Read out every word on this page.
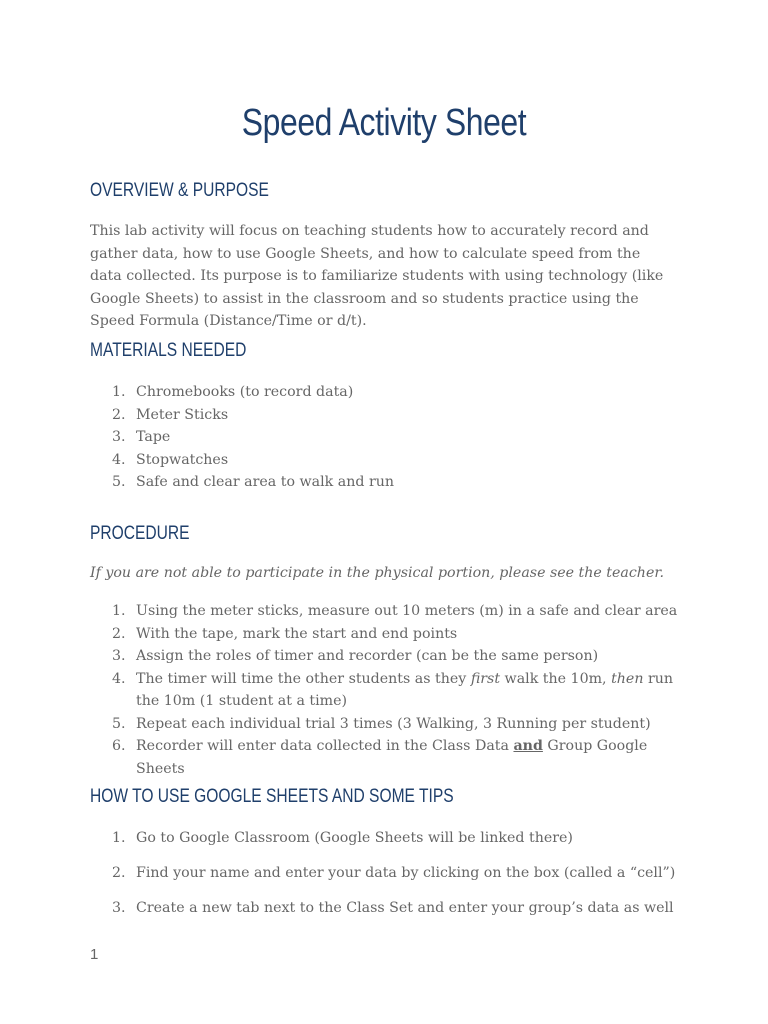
Speed Activity Sheet
OVERVIEW & PURPOSE

This lab activity will focus on teaching students how to accurately record and gather data, how to use Google Sheets, and how to calculate speed from the data collected. Its purpose is to familiarize students with using technology (like Google Sheets) to assist in the classroom and so students practice using the Speed Formula (Distance/Time or d/t).

MATERIALS NEEDED
1. Chromebooks (to record data)
2. Meter Sticks
3. Tape
4. Stopwatches
5. Safe and clear area to walk and run
PROCEDURE

If you are not able to participate in the physical portion, please see the teacher.

1. Using the meter sticks, measure out 10 meters (m) in a safe and clear area
2. With the tape, mark the start and end points
3. Assign the roles of timer and recorder (can be the same person)
4. The timer will time the other students as they first walk the 10m, then run the 10m (1 student at a time)
5. Repeat each individual trial 3 times (3 Walking, 3 Running per student)
6. Recorder will enter data collected in the Class Data and Group Google Sheets
HOW TO USE GOOGLE SHEETS AND SOME TIPS
1. Go to Google Classroom (Google Sheets will be linked there)
2. Find your name and enter your data by clicking on the box (called a “cell”)
3. Create a new tab next to the Class Set and enter your group’s data as well

1
